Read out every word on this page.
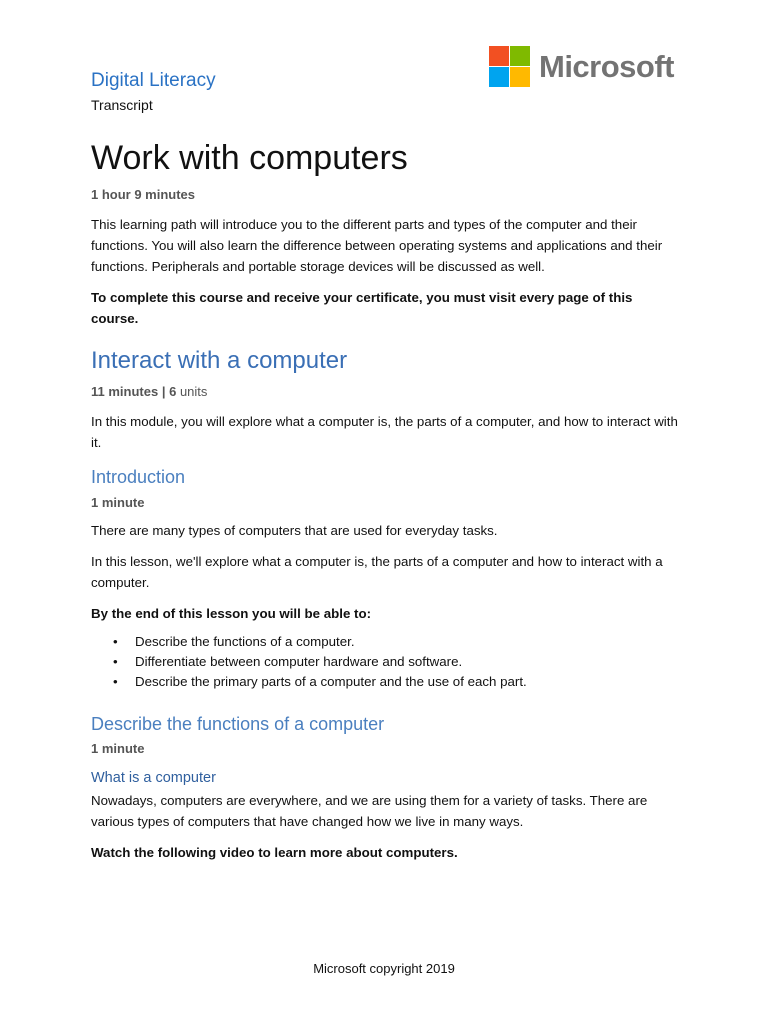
Digital Literacy
Transcript
Microsoft
Work with computers
1 hour 9 minutes

This learning path will introduce you to the different parts and types of the computer and their functions. You will also learn the difference between operating systems and applications and their functions. Peripherals and portable storage devices will be discussed as well.

To complete this course and receive your certificate, you must visit every page of this course.

Interact with a computer
11 minutes | 6 units

In this module, you will explore what a computer is, the parts of a computer, and how to interact with it.

Introduction
1 minute

There are many types of computers that are used for everyday tasks.

In this lesson, we'll explore what a computer is, the parts of a computer and how to interact with a computer.

By the end of this lesson you will be able to:

• Describe the functions of a computer.
• Differentiate between computer hardware and software.
• Describe the primary parts of a computer and the use of each part.
Describe the functions of a computer
1 minute
What is a computer

Nowadays, computers are everywhere, and we are using them for a variety of tasks. There are various types of computers that have changed how we live in many ways.

Watch the following video to learn more about computers.

Microsoft copyright 2019
